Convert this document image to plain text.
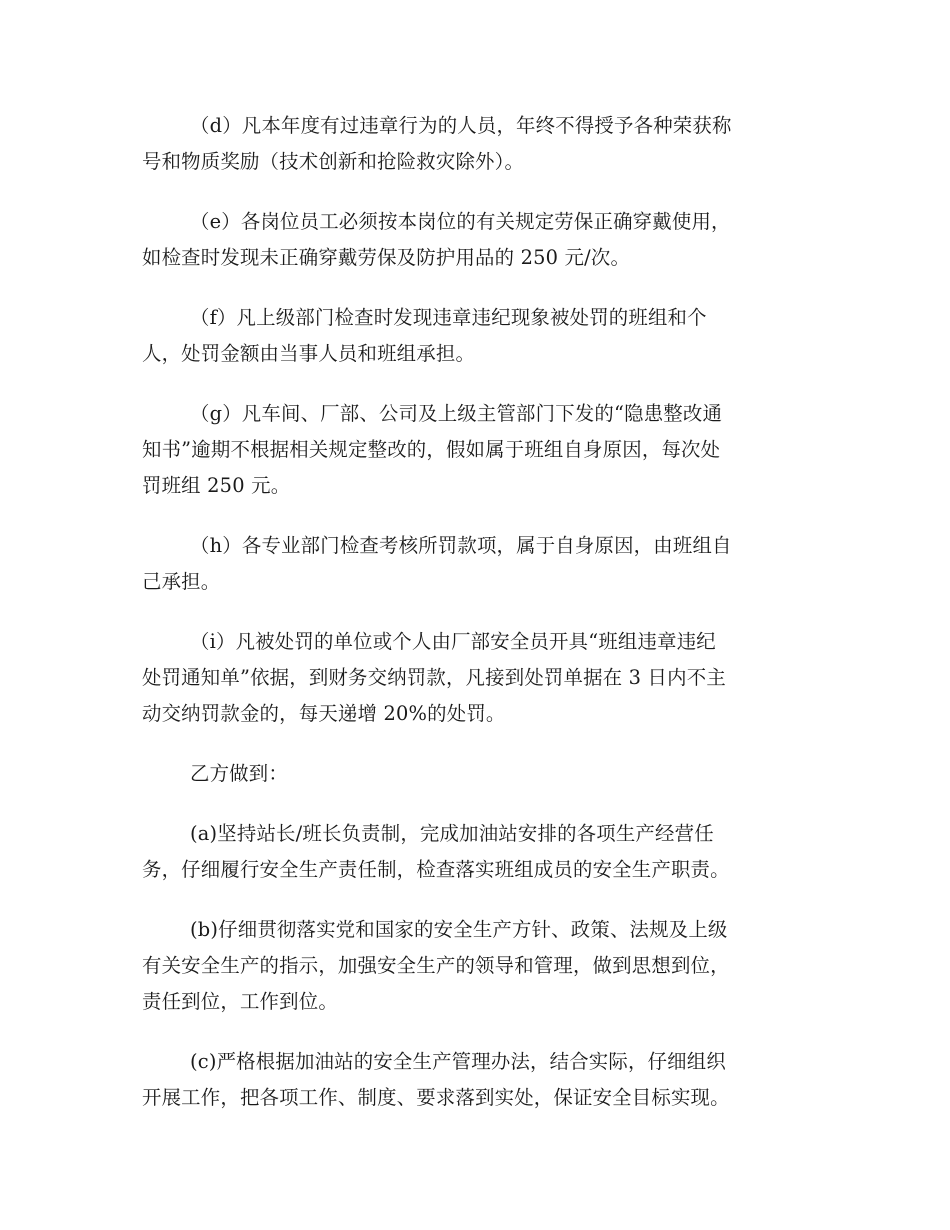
（d）凡本年度有过违章行为的人员，年终不得授予各种荣获称
号和物质奖励（技术创新和抢险救灾除外）。

（e）各岗位员工必须按本岗位的有关规定劳保正确穿戴使用，
如检查时发现未正确穿戴劳保及防护用品的 250 元/次。

（f）凡上级部门检查时发现违章违纪现象被处罚的班组和个
人，处罚金额由当事人员和班组承担。

（g）凡车间、厂部、公司及上级主管部门下发的“隐患整改通
知书”逾期不根据相关规定整改的，假如属于班组自身原因，每次处
罚班组 250 元。

（h）各专业部门检查考核所罚款项，属于自身原因，由班组自
己承担。

（i）凡被处罚的单位或个人由厂部安全员开具“班组违章违纪
处罚通知单”依据，到财务交纳罚款，凡接到处罚单据在 3 日内不主
动交纳罚款金的，每天递增 20%的处罚。

乙方做到：

(a)坚持站长/班长负责制，完成加油站安排的各项生产经营任
务，仔细履行安全生产责任制，检查落实班组成员的安全生产职责。

(b)仔细贯彻落实党和国家的安全生产方针、政策、法规及上级
有关安全生产的指示，加强安全生产的领导和管理，做到思想到位，
责任到位，工作到位。

(c)严格根据加油站的安全生产管理办法，结合实际，仔细组织
开展工作，把各项工作、制度、要求落到实处，保证安全目标实现。
